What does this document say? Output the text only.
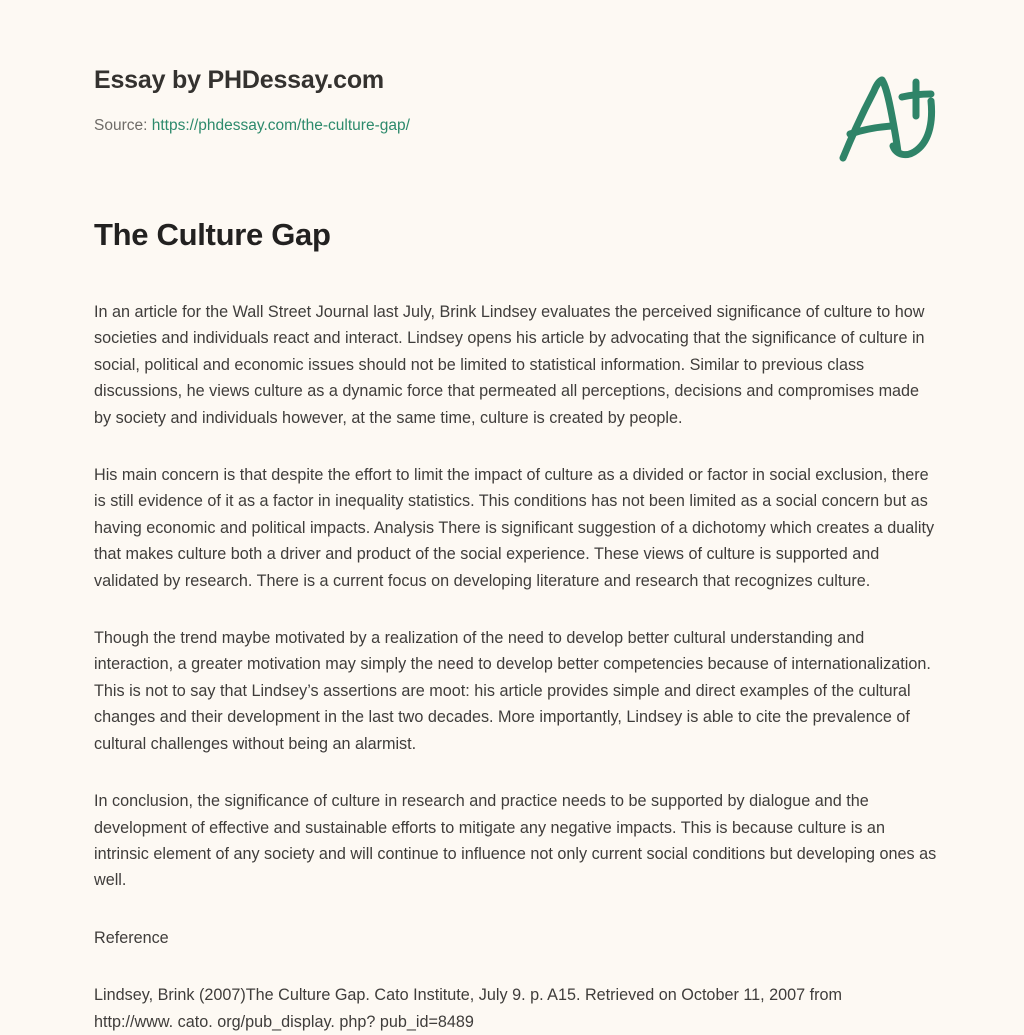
Essay by PHDessay.com
Source: https://phdessay.com/the-culture-gap/
The Culture Gap

In an article for the Wall Street Journal last July, Brink Lindsey evaluates the perceived significance of culture to how societies and individuals react and interact. Lindsey opens his article by advocating that the significance of culture in social, political and economic issues should not be limited to statistical information. Similar to previous class discussions, he views culture as a dynamic force that permeated all perceptions, decisions and compromises made by society and individuals however, at the same time, culture is created by people.

His main concern is that despite the effort to limit the impact of culture as a divided or factor in social exclusion, there is still evidence of it as a factor in inequality statistics. This conditions has not been limited as a social concern but as having economic and political impacts. Analysis There is significant suggestion of a dichotomy which creates a duality that makes culture both a driver and product of the social experience. These views of culture is supported and validated by research. There is a current focus on developing literature and research that recognizes culture.

Though the trend maybe motivated by a realization of the need to develop better cultural understanding and interaction, a greater motivation may simply the need to develop better competencies because of internationalization. This is not to say that Lindsey’s assertions are moot: his article provides simple and direct examples of the cultural changes and their development in the last two decades. More importantly, Lindsey is able to cite the prevalence of cultural challenges without being an alarmist.

In conclusion, the significance of culture in research and practice needs to be supported by dialogue and the development of effective and sustainable efforts to mitigate any negative impacts. This is because culture is an intrinsic element of any society and will continue to influence not only current social conditions but developing ones as well.

Reference

Lindsey, Brink (2007)The Culture Gap. Cato Institute, July 9. p. A15. Retrieved on October 11, 2007 from http://www. cato. org/pub_display. php? pub_id=8489
